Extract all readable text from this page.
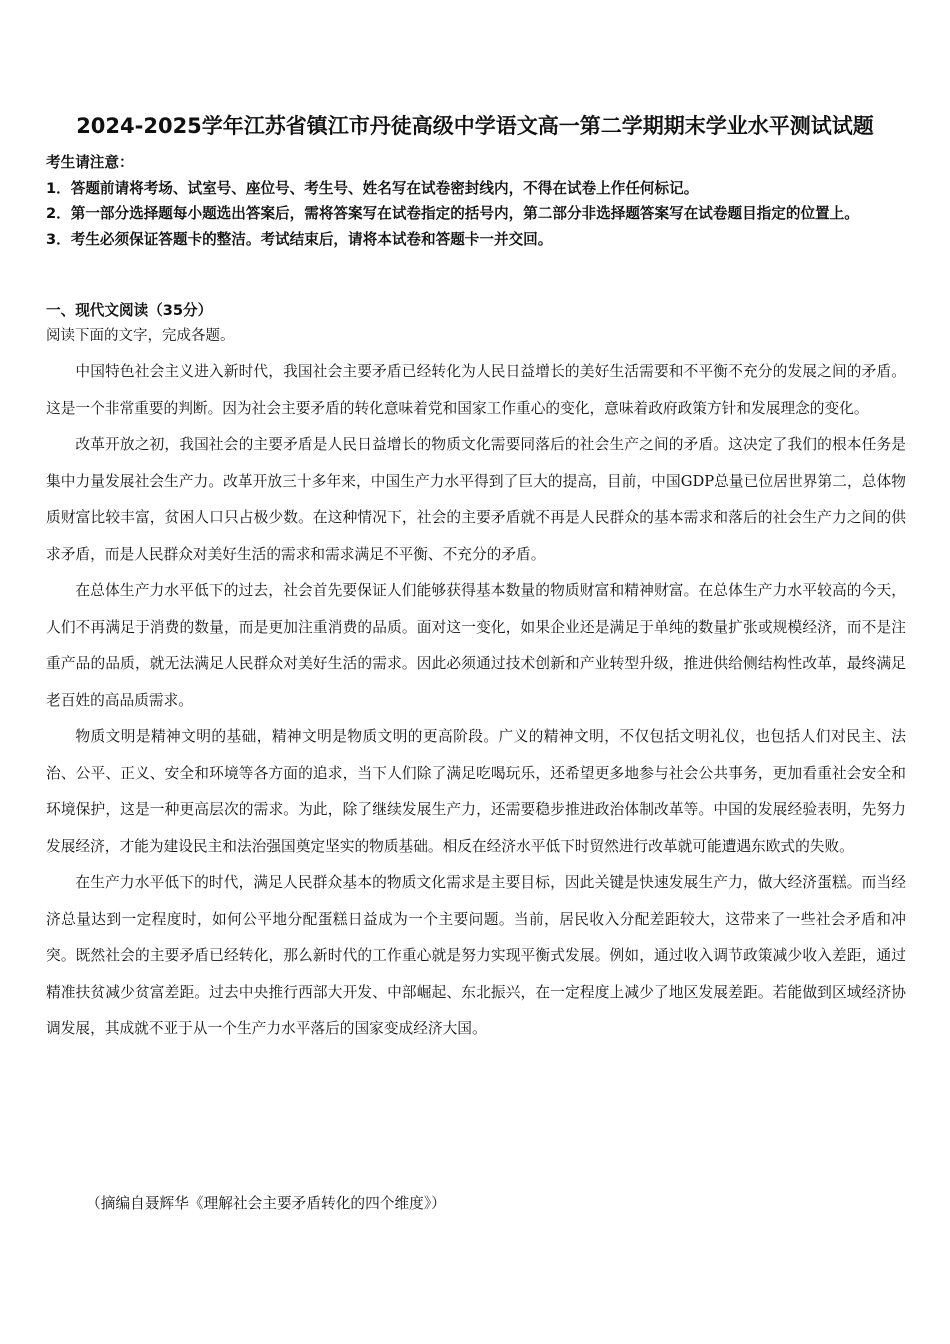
2024-2025学年江苏省镇江市丹徒高级中学语文高一第二学期期末学业水平测试试题

考生请注意：

1．答题前请将考场、试室号、座位号、考生号、姓名写在试卷密封线内，不得在试卷上作任何标记。

2．第一部分选择题每小题选出答案后，需将答案写在试卷指定的括号内，第二部分非选择题答案写在试卷题目指定的位置上。

3．考生必须保证答题卡的整洁。考试结束后，请将本试卷和答题卡一并交回。

一、现代文阅读（35分）
阅读下面的文字，完成各题。

中国特色社会主义进入新时代，我国社会主要矛盾已经转化为人民日益增长的美好生活需要和不平衡不充分的发展之间的矛盾。这是一个非常重要的判断。因为社会主要矛盾的转化意味着党和国家工作重心的变化，意味着政府政策方针和发展理念的变化。

改革开放之初，我国社会的主要矛盾是人民日益增长的物质文化需要同落后的社会生产之间的矛盾。这决定了我们的根本任务是集中力量发展社会生产力。改革开放三十多年来，中国生产力水平得到了巨大的提高，目前，中国GDP总量已位居世界第二，总体物质财富比较丰富，贫困人口只占极少数。在这种情况下，社会的主要矛盾就不再是人民群众的基本需求和落后的社会生产力之间的供求矛盾，而是人民群众对美好生活的需求和需求满足不平衡、不充分的矛盾。

在总体生产力水平低下的过去，社会首先要保证人们能够获得基本数量的物质财富和精神财富。在总体生产力水平较高的今天，人们不再满足于消费的数量，而是更加注重消费的品质。面对这一变化，如果企业还是满足于单纯的数量扩张或规模经济，而不是注重产品的品质，就无法满足人民群众对美好生活的需求。因此必须通过技术创新和产业转型升级，推进供给侧结构性改革，最终满足老百姓的高品质需求。

物质文明是精神文明的基础，精神文明是物质文明的更高阶段。广义的精神文明，不仅包括文明礼仪，也包括人们对民主、法治、公平、正义、安全和环境等各方面的追求，当下人们除了满足吃喝玩乐，还希望更多地参与社会公共事务，更加看重社会安全和环境保护，这是一种更高层次的需求。为此，除了继续发展生产力，还需要稳步推进政治体制改革等。中国的发展经验表明，先努力发展经济，才能为建设民主和法治强国奠定坚实的物质基础。相反在经济水平低下时贸然进行改革就可能遭遇东欧式的失败。

在生产力水平低下的时代，满足人民群众基本的物质文化需求是主要目标，因此关键是快速发展生产力，做大经济蛋糕。而当经济总量达到一定程度时，如何公平地分配蛋糕日益成为一个主要问题。当前，居民收入分配差距较大，这带来了一些社会矛盾和冲突。既然社会的主要矛盾已经转化，那么新时代的工作重心就是努力实现平衡式发展。例如，通过收入调节政策减少收入差距，通过精准扶贫减少贫富差距。过去中央推行西部大开发、中部崛起、东北振兴，在一定程度上减少了地区发展差距。若能做到区域经济协调发展，其成就不亚于从一个生产力水平落后的国家变成经济大国。

（摘编自聂辉华《理解社会主要矛盾转化的四个维度》）
